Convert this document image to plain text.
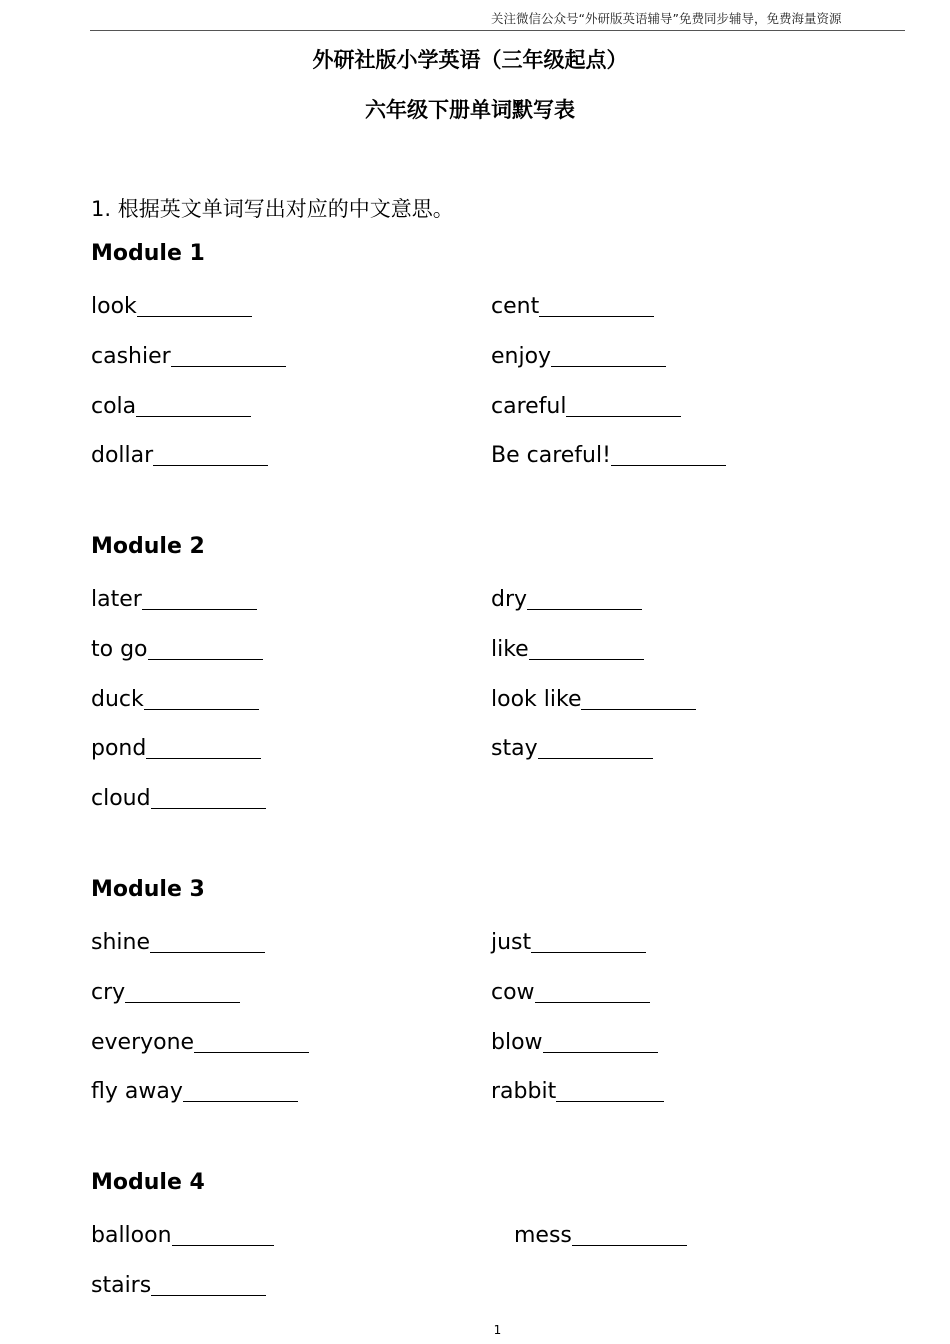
关注微信公众号“外研版英语辅导”免费同步辅导，免费海量资源
外研社版小学英语（三年级起点）
六年级下册单词默写表
1. 根据英文单词写出对应的中文意思。
Module 1
look
cashier
cola
dollar
cent
enjoy
careful
Be careful!
Module 2
later
to go
duck
pond
cloud
dry
like
look like
stay
Module 3
shine
cry
everyone
fly away
just
cow
blow
rabbit
Module 4
balloon
stairs
mess
1
